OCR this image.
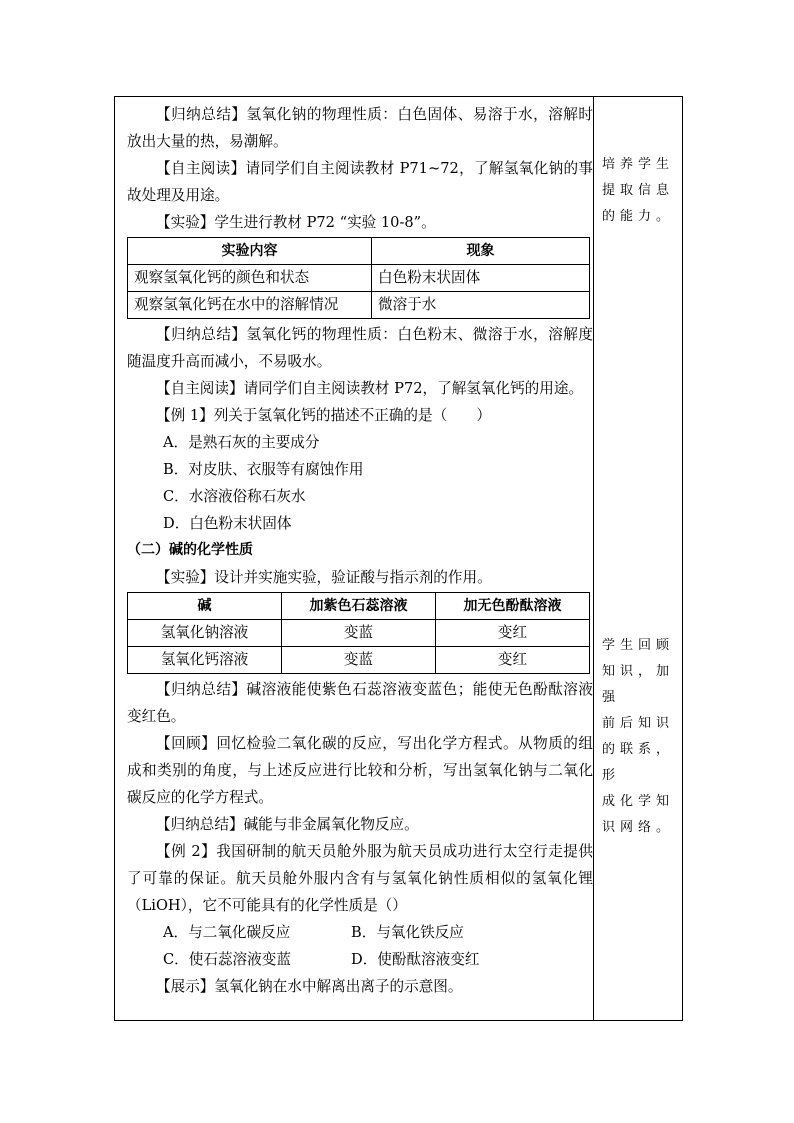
【归纳总结】氢氧化钠的物理性质：白色固体、易溶于水，溶解时放出大量的热，易潮解。

【自主阅读】请同学们自主阅读教材 P71~72，了解氢氧化钠的事故处理及用途。

【实验】学生进行教材 P72 “实验 10-8”。

实验内容	现象
观察氢氧化钙的颜色和状态	白色粉末状固体
观察氢氧化钙在水中的溶解情况	微溶于水

【归纳总结】氢氧化钙的物理性质：白色粉末、微溶于水，溶解度随温度升高而减小，不易吸水。

【自主阅读】请同学们自主阅读教材 P72，了解氢氧化钙的用途。

【例 1】列关于氢氧化钙的描述不正确的是（　　）

A．是熟石灰的主要成分

B．对皮肤、衣服等有腐蚀作用

C．水溶液俗称石灰水

D．白色粉末状固体

（二）碱的化学性质

【实验】设计并实施实验，验证酸与指示剂的作用。

碱	加紫色石蕊溶液	加无色酚酞溶液
氢氧化钠溶液	变蓝	变红
氢氧化钙溶液	变蓝	变红

【归纳总结】碱溶液能使紫色石蕊溶液变蓝色；能使无色酚酞溶液变红色。

【回顾】回忆检验二氧化碳的反应，写出化学方程式。从物质的组成和类别的角度，与上述反应进行比较和分析，写出氢氧化钠与二氧化碳反应的化学方程式。

【归纳总结】碱能与非金属氧化物反应。

【例 2】我国研制的航天员舱外服为航天员成功进行太空行走提供了可靠的保证。航天员舱外服内含有与氢氧化钠性质相似的氢氧化锂（LiOH），它不可能具有的化学性质是（）

A．与二氧化碳反应	B．与氧化铁反应

C．使石蕊溶液变蓝	D．使酚酞溶液变红

【展示】氢氧化钠在水中解离出离子的示意图。

培养学生

提取信息

的能力。

学生回顾

知识，加强

前后知识

的联系，形

成化学知

识网络。
